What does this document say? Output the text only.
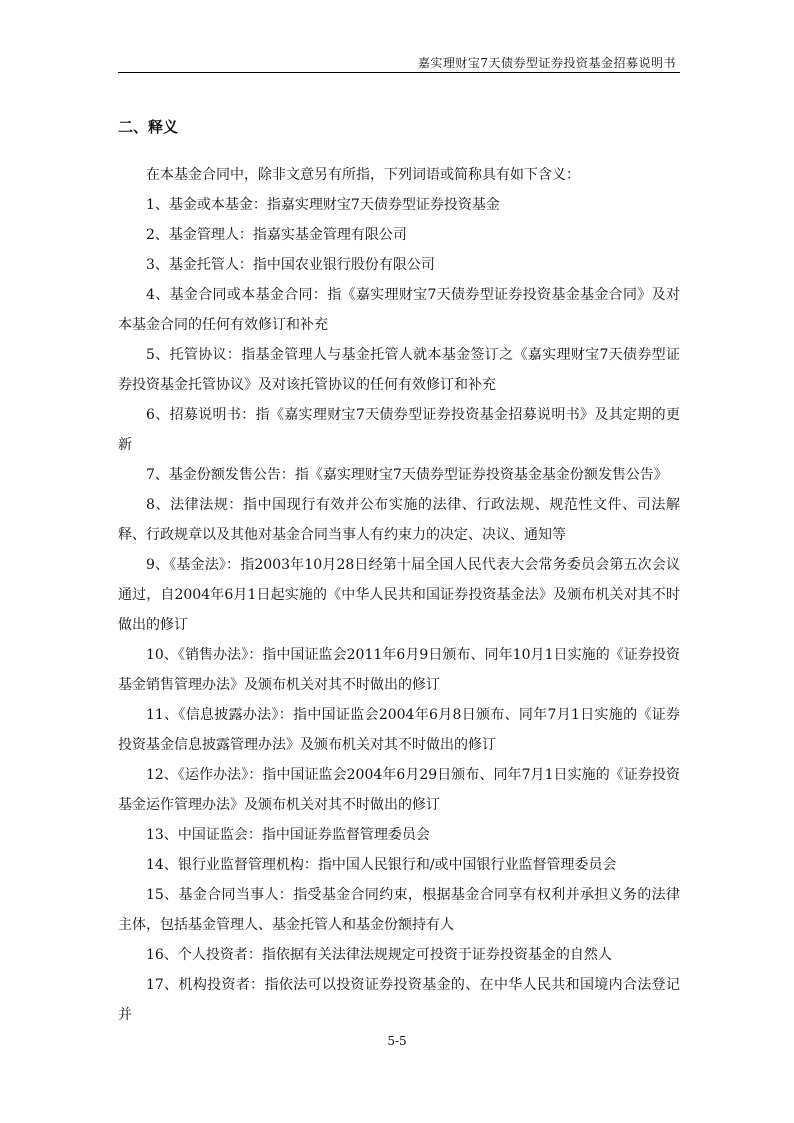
嘉实理财宝7天债券型证券投资基金招募说明书
二、释义

在本基金合同中，除非文意另有所指，下列词语或简称具有如下含义：

1、基金或本基金：指嘉实理财宝7天债券型证券投资基金

2、基金管理人：指嘉实基金管理有限公司

3、基金托管人：指中国农业银行股份有限公司

4、基金合同或本基金合同：指《嘉实理财宝7天债券型证券投资基金基金合同》及对本基金合同的任何有效修订和补充

5、托管协议：指基金管理人与基金托管人就本基金签订之《嘉实理财宝7天债券型证券投资基金托管协议》及对该托管协议的任何有效修订和补充

6、招募说明书：指《嘉实理财宝7天债券型证券投资基金招募说明书》及其定期的更新

7、基金份额发售公告：指《嘉实理财宝7天债券型证券投资基金基金份额发售公告》

8、法律法规：指中国现行有效并公布实施的法律、行政法规、规范性文件、司法解释、行政规章以及其他对基金合同当事人有约束力的决定、决议、通知等

9、《基金法》：指2003年10月28日经第十届全国人民代表大会常务委员会第五次会议通过，自2004年6月1日起实施的《中华人民共和国证券投资基金法》及颁布机关对其不时做出的修订

10、《销售办法》：指中国证监会2011年6月9日颁布、同年10月1日实施的《证券投资基金销售管理办法》及颁布机关对其不时做出的修订

11、《信息披露办法》：指中国证监会2004年6月8日颁布、同年7月1日实施的《证券投资基金信息披露管理办法》及颁布机关对其不时做出的修订

12、《运作办法》：指中国证监会2004年6月29日颁布、同年7月1日实施的《证券投资基金运作管理办法》及颁布机关对其不时做出的修订

13、中国证监会：指中国证券监督管理委员会

14、银行业监督管理机构：指中国人民银行和/或中国银行业监督管理委员会

15、基金合同当事人：指受基金合同约束，根据基金合同享有权利并承担义务的法律主体，包括基金管理人、基金托管人和基金份额持有人

16、个人投资者：指依据有关法律法规规定可投资于证券投资基金的自然人

17、机构投资者：指依法可以投资证券投资基金的、在中华人民共和国境内合法登记并

5-5
